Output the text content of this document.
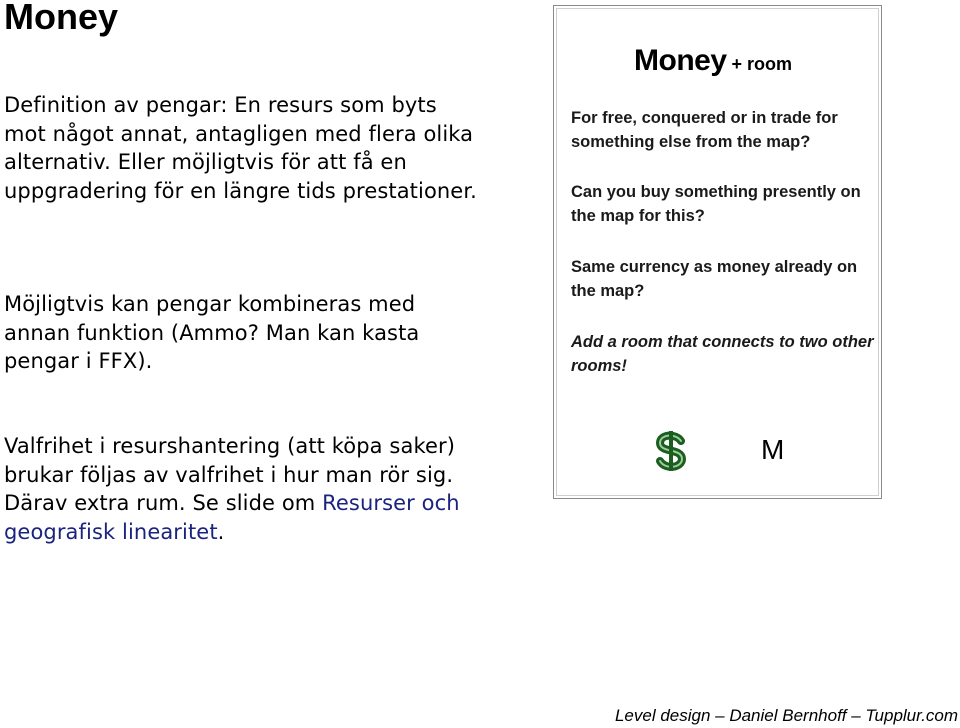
Money

Definition av pengar: En resurs som byts mot något annat, antagligen med flera olika alternativ. Eller möjligtvis för att få en uppgradering för en längre tids prestationer.

Möjligtvis kan pengar kombineras med annan funktion (Ammo? Man kan kasta pengar i FFX).

Valfrihet i resurshantering (att köpa saker) brukar följas av valfrihet i hur man rör sig. Därav extra rum. Se slide om Resurser och geografisk linearitet.

Money + room

For free, conquered or in trade for something else from the map?

Can you buy something presently on the map for this?

Same currency as money already on the map?

Add a room that connects to two other rooms!

M
Level design – Daniel Bernhoff – Tupplur.com
